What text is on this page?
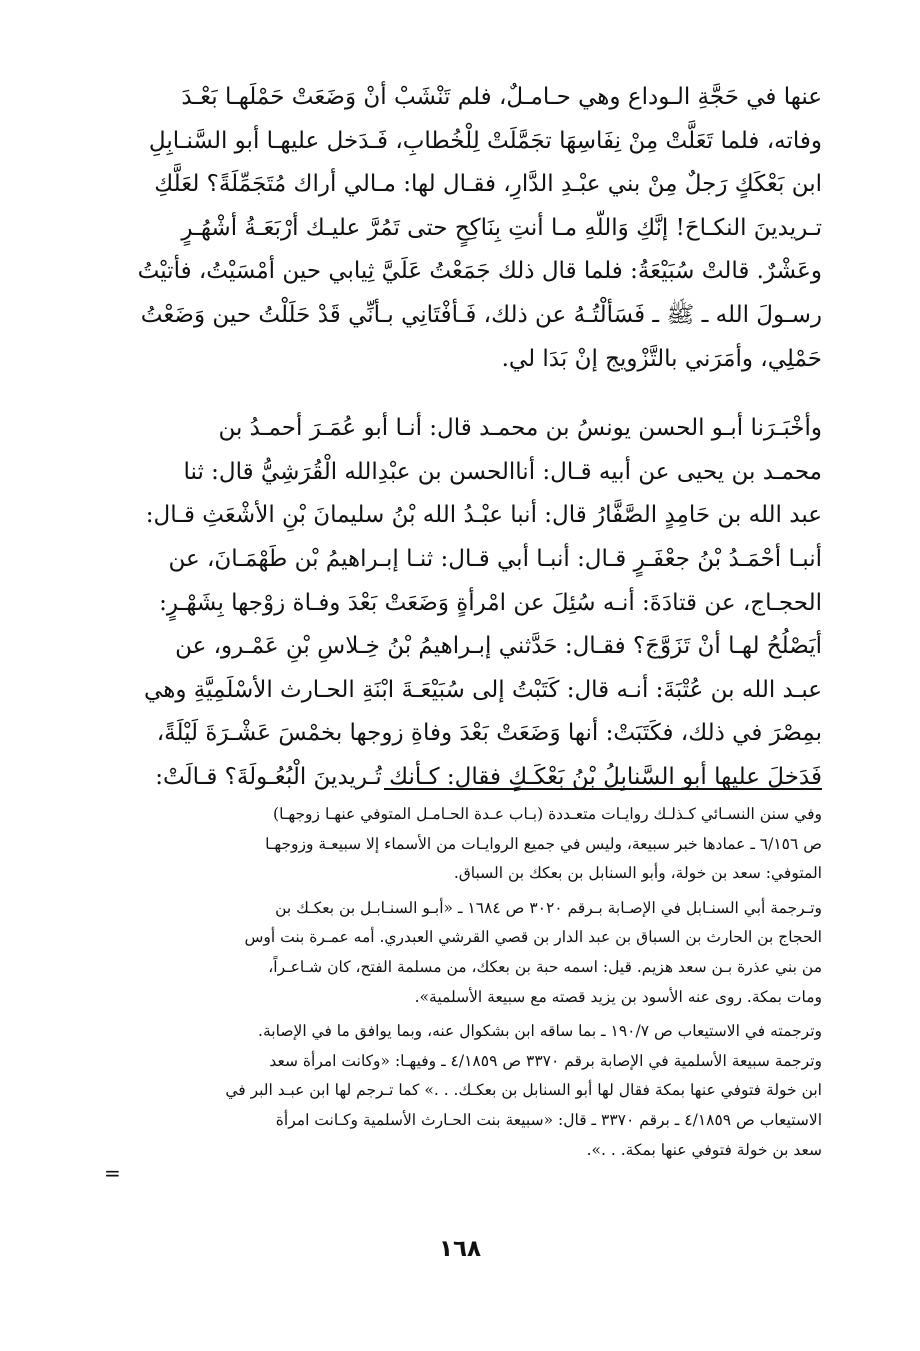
عنها في حَجَّةِ الـوداع وهي حـامـلٌ، فلم تَنْشَبْ أنْ وَضَعَتْ حَمْلَهـا بَعْـدَ
وفاته، فلما تَعَلَّتْ مِنْ نِفَاسِهَا تجَمَّلَتْ لِلْخُطابِ، فَـدَخل عليهـا أبو السَّنـابِلِ
ابن بَعْكَكٍ رَجلٌ مِنْ بني عبْـدِ الدَّارِ، فقـال لها: مـالي أراك مُتَجَمِّلَةً؟ لعَلَّكِ
تـريدينَ النكـاحَ! إنَّكِ وَاللّهِ مـا أنتِ بِنَاكِحٍ حتى تَمُرَّ عليـك أرْبَعَـةُ أشْهُـرٍ
وعَشْرٌ. قالتْ سُبَيْعَةُ: فلما قال ذلك جَمَعْتُ عَلَيَّ ثِيابي حين أمْسَيْتُ، فأتيْتُ
رسـولَ الله ـ ﷺ ـ فَسَألْتُـهُ عن ذلك، فَـأفْتَانِي بـأنِّي قَدْ حَلَلْتُ حين وَضَعْتُ
حَمْلِي، وأمَرَني بالتَّزْويج إنْ بَدَا لي.
وأخْبَـرَنا أبـو الحسن يونسُ بن محمـد قال: أنـا أبو عُمَـرَ أحمـدُ بن
محمـد بن يحيى عن أبيه قـال: أناالحسن بن عبْدِالله الْقُرَشِيُّ قال: ثنا
عبد الله بن حَامِدٍ الصَّفَّارُ قال: أنبا عبْـدُ الله بْنُ سليمانَ بْنِ الأشْعَثِ قـال:
أنبـا أحْمَـدُ بْنُ جعْفَـرٍ قـال: أنبـا أبي قـال: ثنـا إبـراهيمُ بْن طَهْمَـانَ، عن
الحجـاج، عن قتادَةَ: أنـه سُئِلَ عن امْرأةٍ وَضَعَتْ بَعْدَ وفـاة زوْجها بِشَهْـرٍ:
أيَصْلُحُ لهـا أنْ تَزَوَّجَ؟ فقـال: حَدَّثني إبـراهيمُ بْنُ خِـلاسِ بْنِ عَمْـرو، عن
عبـد الله بن عُتْبَةَ: أنـه قال: كَتَبْتُ إلى سُبَيْعَـةَ ابْنَةِ الحـارث الأسْلَمِيَّةِ وهي
بمِصْرَ في ذلك، فكَتَبَتْ: أنها وَضَعَتْ بَعْدَ وفاةِ زوجها بخمْسَ عَشْـرَةَ لَيْلَةً،
فَدَخلَ عليها أبو السَّنابِلُ بْنُ بَعْكَـكٍ فقال: كـأنك تُـريدينَ الْبُعُـولَةَ؟ قـالَتْ:
وفي سنن النسـائي كـذلـك روايـات متعـددة (بـاب عـدة الحـامـل المتوفي عنهـا زوجهـا)
ص ٦/١٥٦ ـ عمادها خبر سبيعة، وليس في جميع الروايـات من الأسماء إلا سبيعـة وزوجهـا
المتوفي: سعد بن خولة، وأبو السنابل بن بعكك بن السباق.
وتـرجمة أبي السنـابل في الإصـابة بـرقم ٣٠٢٠ ص ١٦٨٤ ـ «أبـو السنـابـل بن بعكـك بن
الحجاج بن الحارث بن السباق بن عبد الدار بن قصي القرشي العبدري. أمه عمـرة بنت أوس
من بني عذرة بـن سعد هزيم. قيل: اسمه حبة بن بعكك، من مسلمة الفتح، كان شـاعـراً،
ومات بمكة. روى عنه الأسود بن يزيد قصته مع سبيعة الأسلمية».
وترجمته في الاستيعاب ص ١٩٠/٧ ـ بما ساقه ابن بشكوال عنه، وبما يوافق ما في الإصابة.
وترجمة سبيعة الأسلمية في الإصابة برقم ٣٣٧٠ ص ٤/١٨٥٩ ـ وفيهـا: «وكانت امرأة سعد
ابن خولة فتوفي عنها بمكة فقال لها أبو السنابل بن بعكـك. . .» كما تـرجم لها ابن عبـد البر في
الاستيعاب ص ٤/١٨٥٩ ـ برقم ٣٣٧٠ ـ قال: «سبيعة بنت الحـارث الأسلمية وكـانت امرأة
سعد بن خولة فتوفي عنها بمكة. . .».
=
١٦٨
